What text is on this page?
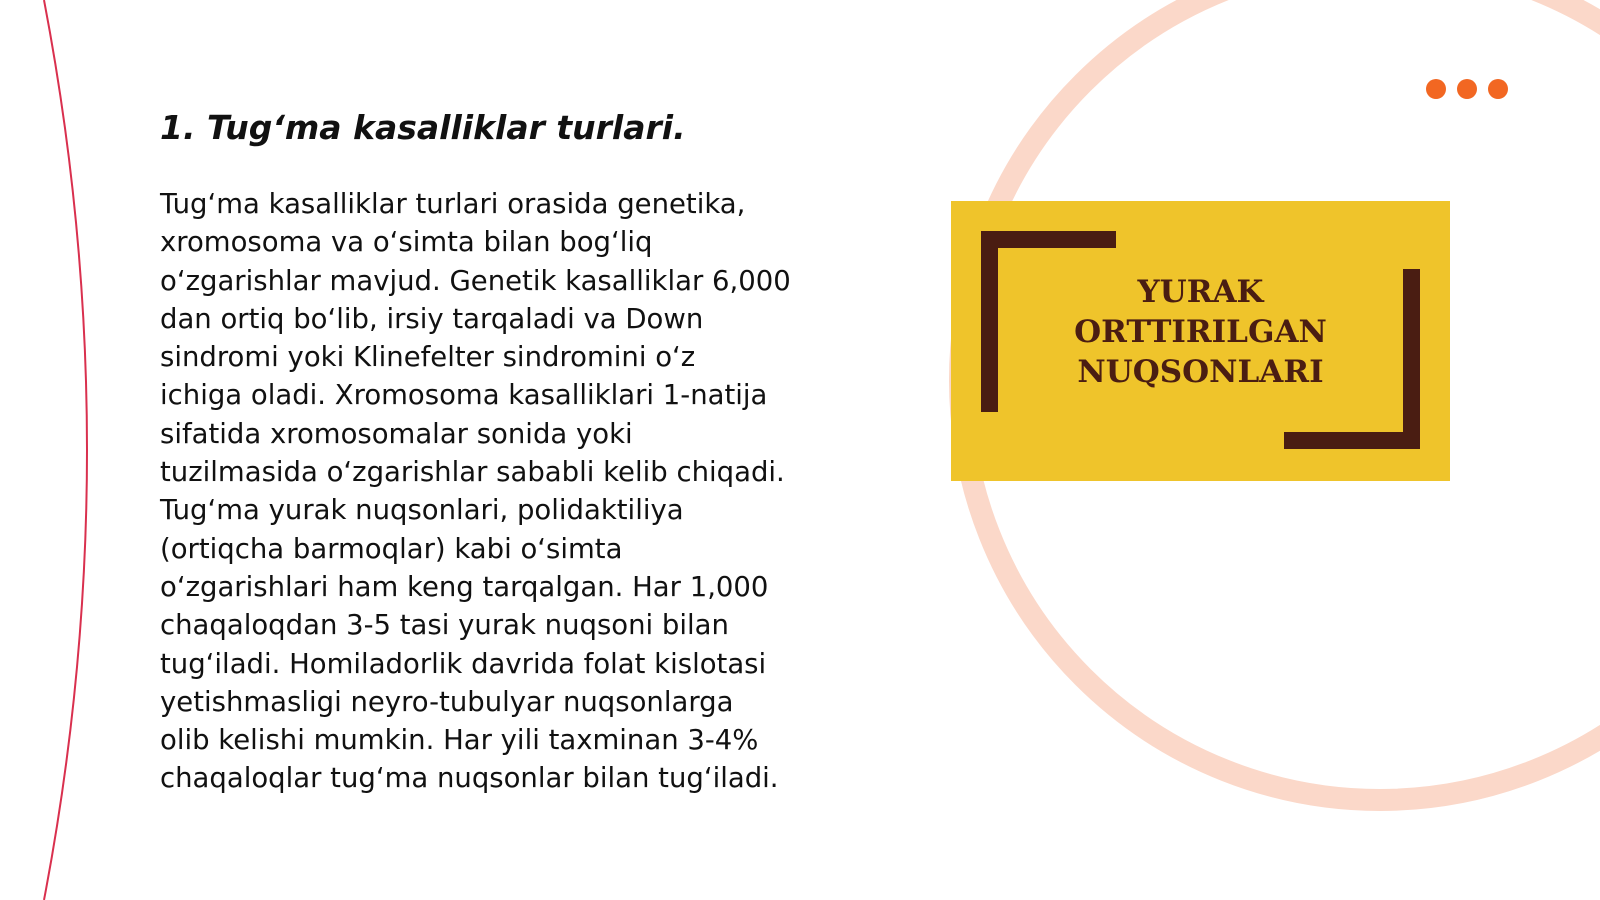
1. Tug‘ma kasalliklar turlari.

Tug‘ma kasalliklar turlari orasida genetika,
xromosoma va o‘simta bilan bog‘liq
o‘zgarishlar mavjud. Genetik kasalliklar 6,000
dan ortiq bo‘lib, irsiy tarqaladi va Down
sindromi yoki Klinefelter sindromini o‘z
ichiga oladi. Xromosoma kasalliklari 1-natija
sifatida xromosomalar sonida yoki
tuzilmasida o‘zgarishlar sababli kelib chiqadi.
Tug‘ma yurak nuqsonlari, polidaktiliya
(ortiqcha barmoqlar) kabi o‘simta
o‘zgarishlari ham keng tarqalgan. Har 1,000
chaqaloqdan 3-5 tasi yurak nuqsoni bilan
tug‘iladi. Homiladorlik davrida folat kislotasi
yetishmasligi neyro-tubulyar nuqsonlarga
olib kelishi mumkin. Har yili taxminan 3-4%
chaqaloqlar tug‘ma nuqsonlar bilan tug‘iladi.

YURAK
ORTTIRILGAN
NUQSONLARI
